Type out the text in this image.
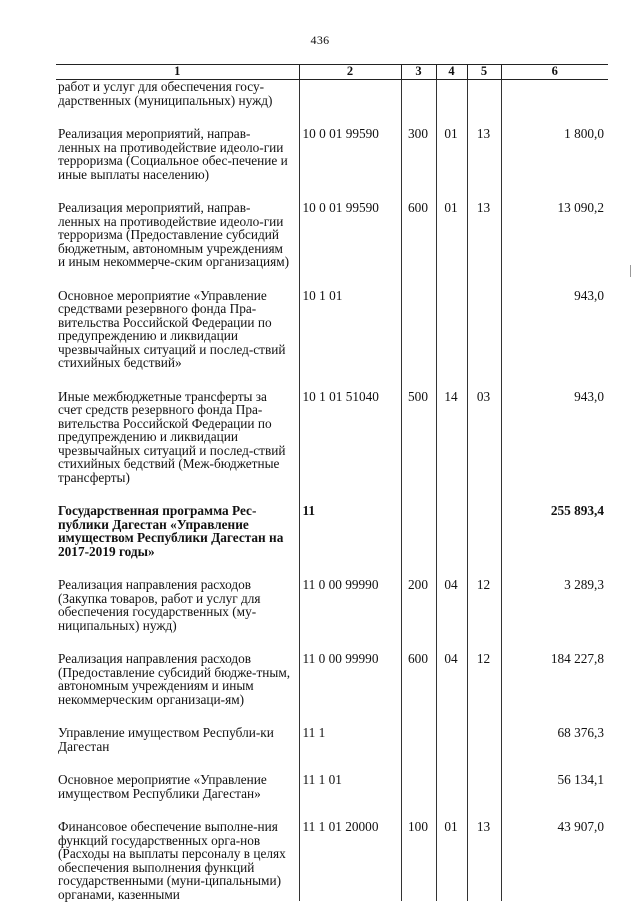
436
1	2	3	4	5	6
работ и услуг для обеспечения госу-дарственных (муниципальных) нужд)					

Реализация мероприятий, направ-ленных на противодействие идеоло-гии терроризма (Социальное обес-печение и иные выплаты населению)	10 0 01 99590	300	01	13	1 800,0

Реализация мероприятий, направ-ленных на противодействие идеоло-гии терроризма (Предоставление субсидий бюджетным, автономным учреждениям и иным некоммерче-ским организациям)	10 0 01 99590	600	01	13	13 090,2

Основное мероприятие «Управление средствами резервного фонда Пра-вительства Российской Федерации по предупреждению и ликвидации чрезвычайных ситуаций и послед-ствий стихийных бедствий»	10 1 01				943,0

Иные межбюджетные трансферты за счет средств резервного фонда Пра-вительства Российской Федерации по предупреждению и ликвидации чрезвычайных ситуаций и послед-ствий стихийных бедствий (Меж-бюджетные трансферты)	10 1 01 51040	500	14	03	943,0

Государственная программа Рес-публики Дагестан «Управление имуществом Республики Дагестан на 2017-2019 годы»	11				255 893,4

Реализация направления расходов (Закупка товаров, работ и услуг для обеспечения государственных (му-ниципальных) нужд)	11 0 00 99990	200	04	12	3 289,3

Реализация направления расходов (Предоставление субсидий бюдже-тным, автономным учреждениям и иным некоммерческим организаци-ям)	11 0 00 99990	600	04	12	184 227,8

Управление имуществом Республи-ки Дагестан	11 1				68 376,3

Основное мероприятие «Управление имуществом Республики Дагестан»	11 1 01				56 134,1

Финансовое обеспечение выполне-ния функций государственных орга-нов (Расходы на выплаты персоналу в целях обеспечения выполнения функций государственными (муни-ципальными) органами, казенными	11 1 01 20000	100	01	13	43 907,0
